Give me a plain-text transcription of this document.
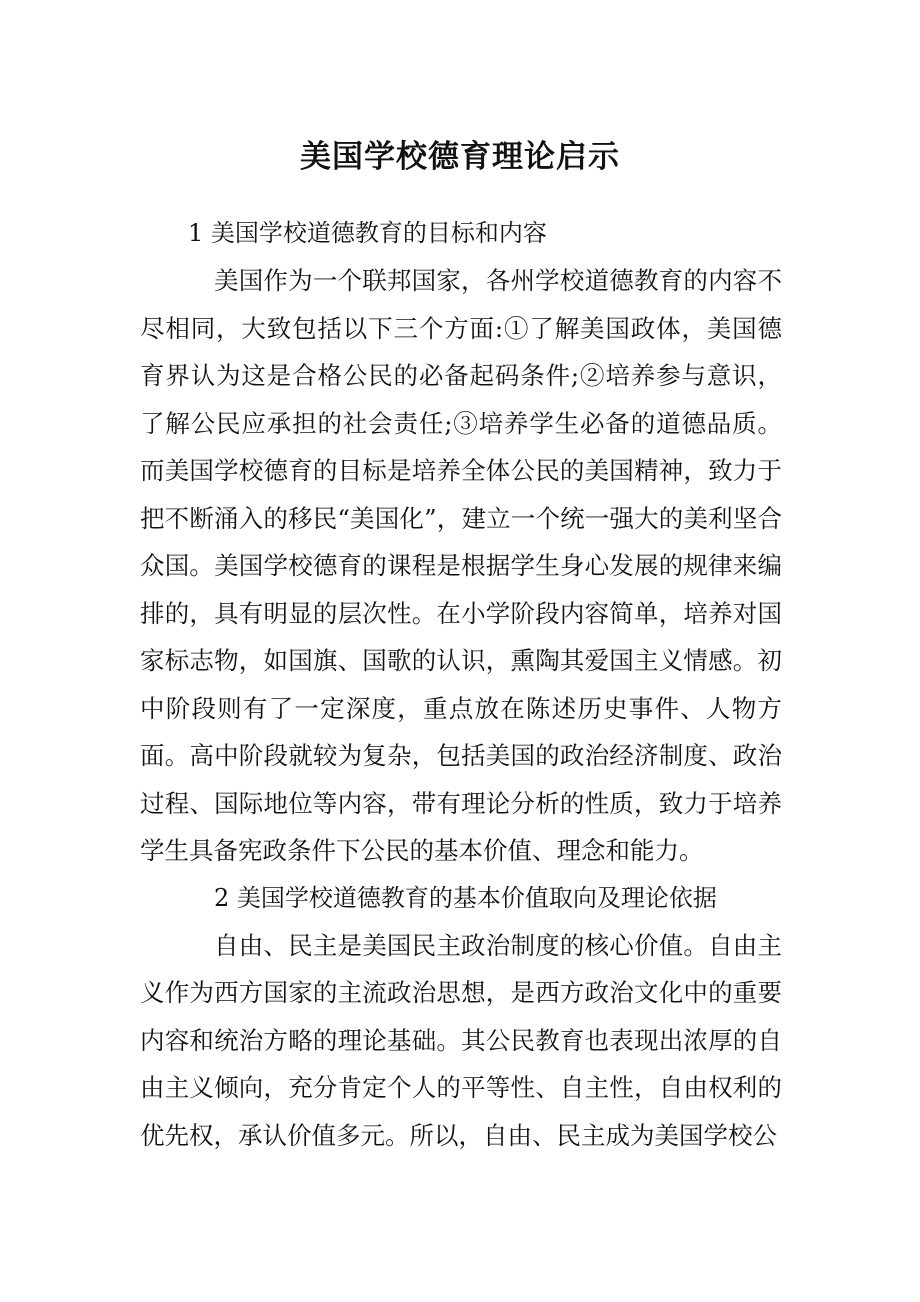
美国学校德育理论启示

1 美国学校道德教育的目标和内容

美国作为一个联邦国家，各州学校道德教育的内容不尽相同，大致包括以下三个方面:①了解美国政体，美国德育界认为这是合格公民的必备起码条件;②培养参与意识，了解公民应承担的社会责任;③培养学生必备的道德品质。而美国学校德育的目标是培养全体公民的美国精神，致力于把不断涌入的移民“美国化”，建立一个统一强大的美利坚合众国。美国学校德育的课程是根据学生身心发展的规律来编排的，具有明显的层次性。在小学阶段内容简单，培养对国家标志物，如国旗、国歌的认识，熏陶其爱国主义情感。初中阶段则有了一定深度，重点放在陈述历史事件、人物方面。高中阶段就较为复杂，包括美国的政治经济制度、政治过程、国际地位等内容，带有理论分析的性质，致力于培养学生具备宪政条件下公民的基本价值、理念和能力。

2 美国学校道德教育的基本价值取向及理论依据

自由、民主是美国民主政治制度的核心价值。自由主义作为西方国家的主流政治思想，是西方政治文化中的重要内容和统治方略的理论基础。其公民教育也表现出浓厚的自由主义倾向，充分肯定个人的平等性、自主性，自由权利的优先权，承认价值多元。所以，自由、民主成为美国学校公
